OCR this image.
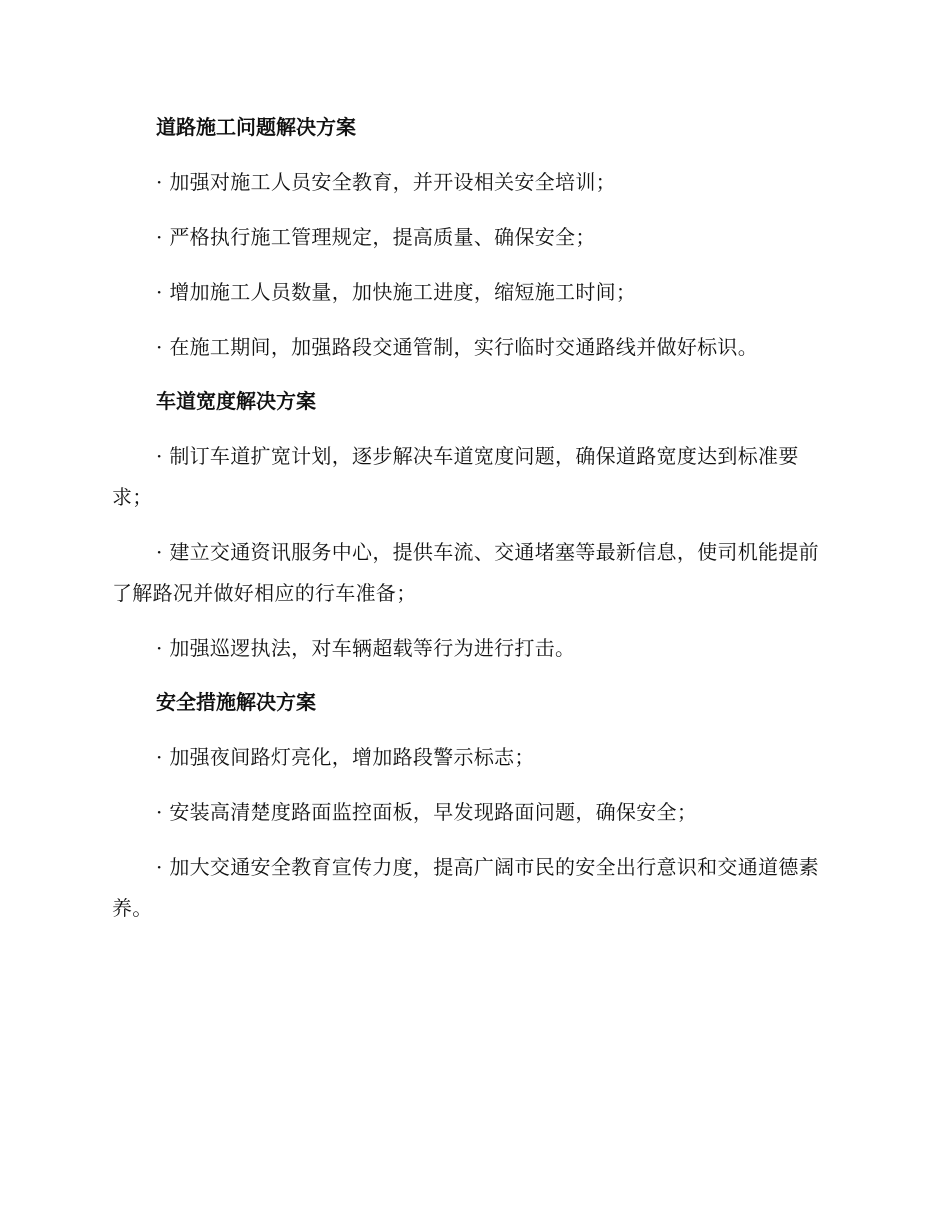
道路施工问题解决方案

· 加强对施工人员安全教育，并开设相关安全培训；

· 严格执行施工管理规定，提高质量、确保安全；

· 增加施工人员数量，加快施工进度，缩短施工时间；

· 在施工期间，加强路段交通管制，实行临时交通路线并做好标识。

车道宽度解决方案

· 制订车道扩宽计划，逐步解决车道宽度问题，确保道路宽度达到标准要求；

· 建立交通资讯服务中心，提供车流、交通堵塞等最新信息，使司机能提前了解路况并做好相应的行车准备；

· 加强巡逻执法，对车辆超载等行为进行打击。

安全措施解决方案

· 加强夜间路灯亮化，增加路段警示标志；

· 安装高清楚度路面监控面板，早发现路面问题，确保安全；

· 加大交通安全教育宣传力度，提高广阔市民的安全出行意识和交通道德素养。
